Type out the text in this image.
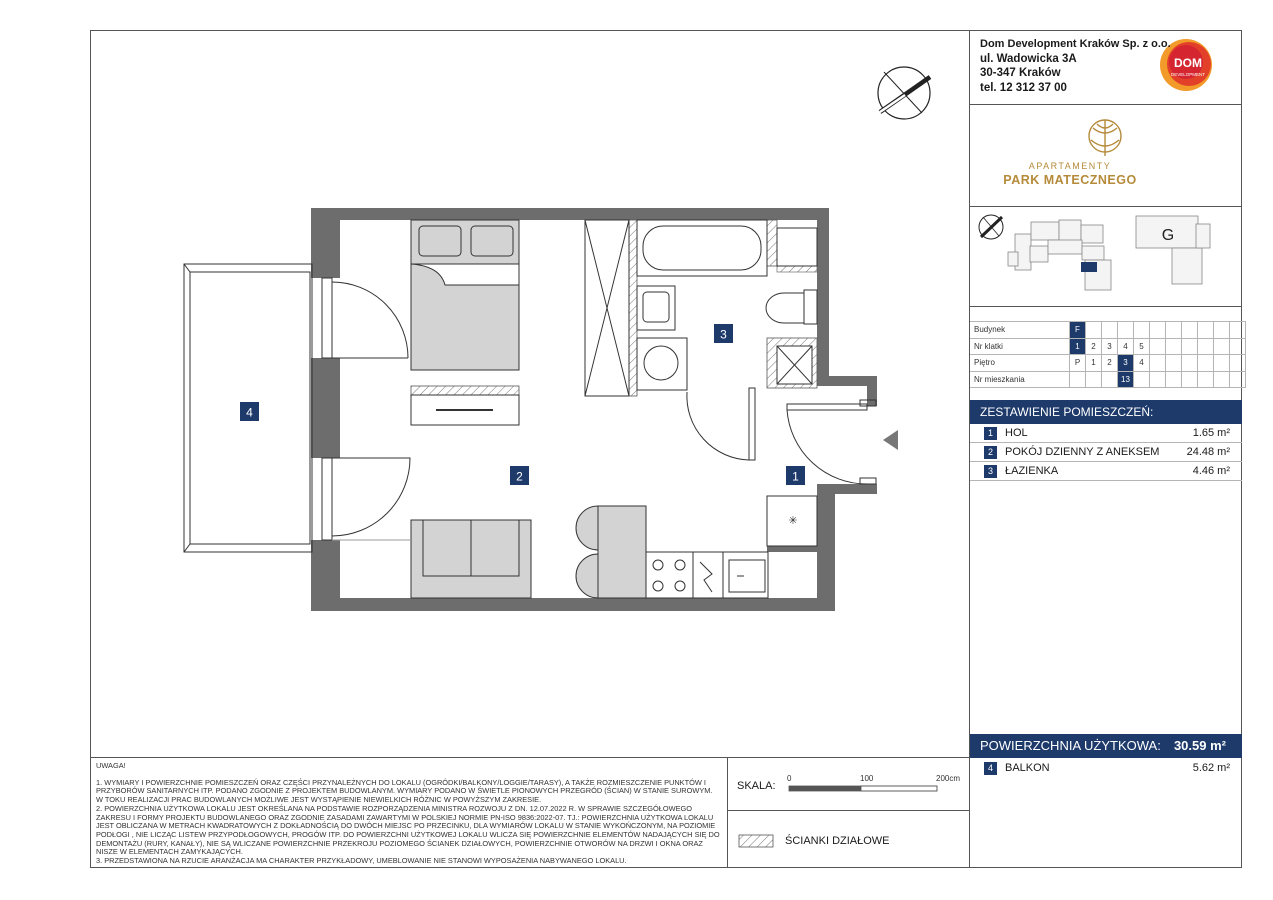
✳
4
2
3
1
DOM
DEVELOPMENT
G
Dom Development Kraków Sp. z o.o.
ul. Wadowicka 3A
30-347 Kraków
tel. 12 312 37 00
APARTAMENTY
PARK MATECZNEGO
Budynek	F										
Nr klatki	1	2	3	4	5						
Piętro	P	1	2	3	4						
Nr mieszkania				13							
ZESTAWIENIE POMIESZCZEŃ:
1	HOL	1.65 m²
2	POKÓJ DZIENNY Z ANEKSEM 24.48 m²
3	ŁAZIENKA	4.46 m²
POWIERZCHNIA UŻYTKOWA: 30.59 m²
4	BALKON	5.62 m²
UWAGA!

1. WYMIARY I POWIERZCHNIE POMIESZCZEŃ ORAZ CZĘŚCI PRZYNALEŻNYCH DO LOKALU (OGRÓDKI/BALKONY/LOGGIE/TARASY), A TAKŻE ROZMIESZCZENIE PUNKTÓW I PRZYBORÓW SANITARNYCH ITP. PODANO ZGODNIE Z PROJEKTEM BUDOWLANYM. WYMIARY PODANO W ŚWIETLE PIONOWYCH PRZEGRÓD (ŚCIAN) W STANIE SUROWYM. W TOKU REALIZACJI PRAC BUDOWLANYCH MOŻLIWE JEST WYSTĄPIENIE NIEWIELKICH RÓŻNIC W POWYŻSZYM ZAKRESIE.

2. POWIERZCHNIA UŻYTKOWA LOKALU JEST OKREŚLANA NA PODSTAWIE ROZPORZĄDZENIA MINISTRA ROZWOJU Z DN. 12.07.2022 R. W SPRAWIE SZCZEGÓŁOWEGO ZAKRESU I FORMY PROJEKTU BUDOWLANEGO ORAZ ZGODNIE ZASADAMI ZAWARTYMI W POLSKIEJ NORMIE PN-ISO 9836:2022-07. TJ.: POWIERZCHNIA UŻYTKOWA LOKALU JEST OBLICZANA W METRACH KWADRATOWYCH Z DOKŁADNOŚCIĄ DO DWÓCH MIEJSC PO PRZECINKU, DLA WYMIARÓW LOKALU W STANIE WYKOŃCZONYM, NA POZIOMIE PODŁOGI , NIE LICZĄC LISTEW PRZYPODŁOGOWYCH, PROGÓW ITP. DO POWIERZCHNI UŻYTKOWEJ LOKALU WLICZA SIĘ POWIERZCHNIE ELEMENTÓW NADAJĄCYCH SIĘ DO DEMONTAŻU (RURY, KANAŁY), NIE SĄ WLICZANE POWIERZCHNIE PRZEKROJU POZIOMEGO ŚCIANEK DZIAŁOWYCH, POWIERZCHNIE OTWORÓW NA DRZWI I OKNA ORAZ NISZE W ELEMENTACH ZAMYKAJĄCYCH.

3. PRZEDSTAWIONA NA RZUCIE ARANŻACJA MA CHARAKTER PRZYKŁADOWY, UMEBLOWANIE NIE STANOWI WYPOSAŻENIA NABYWANEGO LOKALU.

SKALA:
0	100	200cm
ŚCIANKI DZIAŁOWE
